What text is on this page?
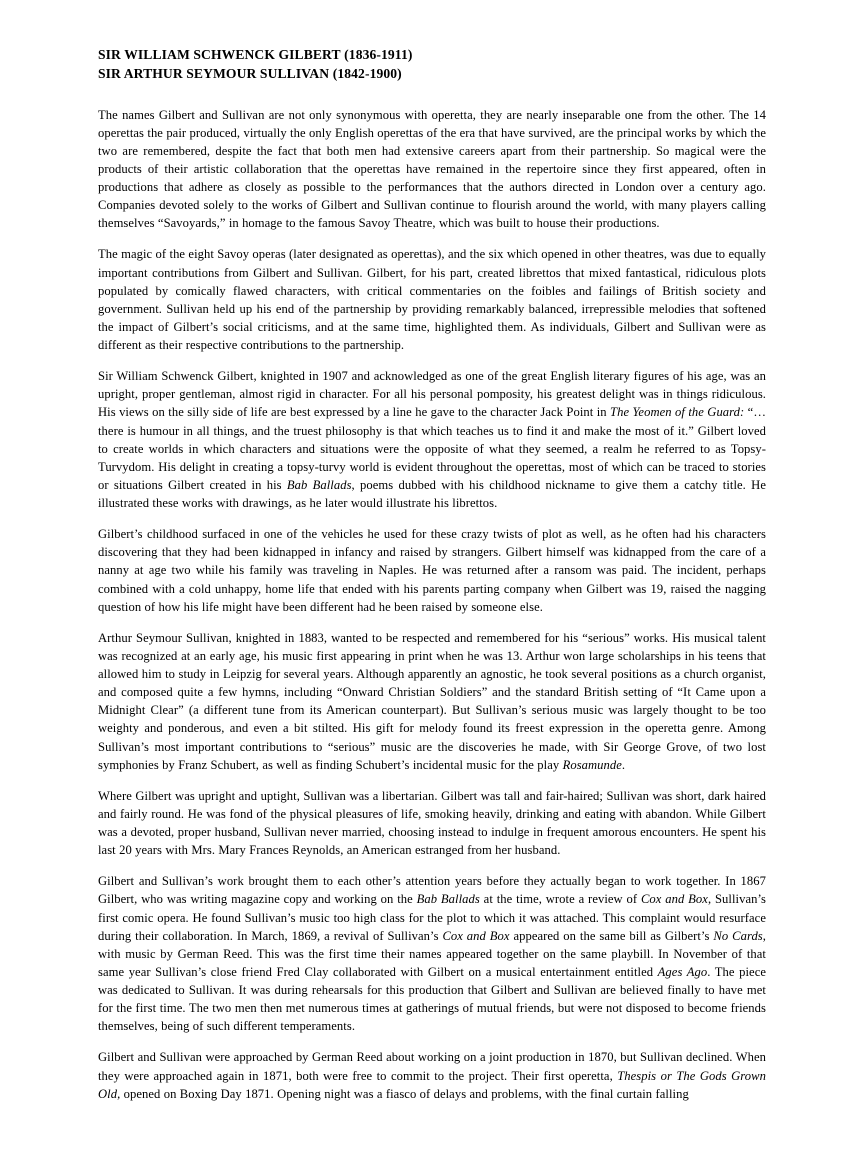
SIR WILLIAM SCHWENCK GILBERT (1836-1911)
SIR ARTHUR SEYMOUR SULLIVAN (1842-1900)

The names Gilbert and Sullivan are not only synonymous with operetta, they are nearly inseparable one from the other. The 14 operettas the pair produced, virtually the only English operettas of the era that have survived, are the principal works by which the two are remembered, despite the fact that both men had extensive careers apart from their partnership. So magical were the products of their artistic collaboration that the operettas have remained in the repertoire since they first appeared, often in productions that adhere as closely as possible to the performances that the authors directed in London over a century ago. Companies devoted solely to the works of Gilbert and Sullivan continue to flourish around the world, with many players calling themselves “Savoyards,” in homage to the famous Savoy Theatre, which was built to house their productions.

The magic of the eight Savoy operas (later designated as operettas), and the six which opened in other theatres, was due to equally important contributions from Gilbert and Sullivan. Gilbert, for his part, created librettos that mixed fantastical, ridiculous plots populated by comically flawed characters, with critical commentaries on the foibles and failings of British society and government. Sullivan held up his end of the partnership by providing remarkably balanced, irrepressible melodies that softened the impact of Gilbert’s social criticisms, and at the same time, highlighted them. As individuals, Gilbert and Sullivan were as different as their respective contributions to the partnership.

Sir William Schwenck Gilbert, knighted in 1907 and acknowledged as one of the great English literary figures of his age, was an upright, proper gentleman, almost rigid in character. For all his personal pomposity, his greatest delight was in things ridiculous. His views on the silly side of life are best expressed by a line he gave to the character Jack Point in The Yeomen of the Guard: “…there is humour in all things, and the truest philosophy is that which teaches us to find it and make the most of it.” Gilbert loved to create worlds in which characters and situations were the opposite of what they seemed, a realm he referred to as Topsy-Turvydom. His delight in creating a topsy-turvy world is evident throughout the operettas, most of which can be traced to stories or situations Gilbert created in his Bab Ballads, poems dubbed with his childhood nickname to give them a catchy title. He illustrated these works with drawings, as he later would illustrate his librettos.

Gilbert’s childhood surfaced in one of the vehicles he used for these crazy twists of plot as well, as he often had his characters discovering that they had been kidnapped in infancy and raised by strangers. Gilbert himself was kidnapped from the care of a nanny at age two while his family was traveling in Naples. He was returned after a ransom was paid. The incident, perhaps combined with a cold unhappy, home life that ended with his parents parting company when Gilbert was 19, raised the nagging question of how his life might have been different had he been raised by someone else.

Arthur Seymour Sullivan, knighted in 1883, wanted to be respected and remembered for his “serious” works. His musical talent was recognized at an early age, his music first appearing in print when he was 13. Arthur won large scholarships in his teens that allowed him to study in Leipzig for several years. Although apparently an agnostic, he took several positions as a church organist, and composed quite a few hymns, including “Onward Christian Soldiers” and the standard British setting of “It Came upon a Midnight Clear” (a different tune from its American counterpart). But Sullivan’s serious music was largely thought to be too weighty and ponderous, and even a bit stilted. His gift for melody found its freest expression in the operetta genre. Among Sullivan’s most important contributions to “serious” music are the discoveries he made, with Sir George Grove, of two lost symphonies by Franz Schubert, as well as finding Schubert’s incidental music for the play Rosamunde.

Where Gilbert was upright and uptight, Sullivan was a libertarian. Gilbert was tall and fair-haired; Sullivan was short, dark haired and fairly round. He was fond of the physical pleasures of life, smoking heavily, drinking and eating with abandon. While Gilbert was a devoted, proper husband, Sullivan never married, choosing instead to indulge in frequent amorous encounters. He spent his last 20 years with Mrs. Mary Frances Reynolds, an American estranged from her husband.

Gilbert and Sullivan’s work brought them to each other’s attention years before they actually began to work together. In 1867 Gilbert, who was writing magazine copy and working on the Bab Ballads at the time, wrote a review of Cox and Box, Sullivan’s first comic opera. He found Sullivan’s music too high class for the plot to which it was attached. This complaint would resurface during their collaboration. In March, 1869, a revival of Sullivan’s Cox and Box appeared on the same bill as Gilbert’s No Cards, with music by German Reed. This was the first time their names appeared together on the same playbill. In November of that same year Sullivan’s close friend Fred Clay collaborated with Gilbert on a musical entertainment entitled Ages Ago. The piece was dedicated to Sullivan. It was during rehearsals for this production that Gilbert and Sullivan are believed finally to have met for the first time. The two men then met numerous times at gatherings of mutual friends, but were not disposed to become friends themselves, being of such different temperaments.

Gilbert and Sullivan were approached by German Reed about working on a joint production in 1870, but Sullivan declined. When they were approached again in 1871, both were free to commit to the project. Their first operetta, Thespis or The Gods Grown Old, opened on Boxing Day 1871. Opening night was a fiasco of delays and problems, with the final curtain falling
